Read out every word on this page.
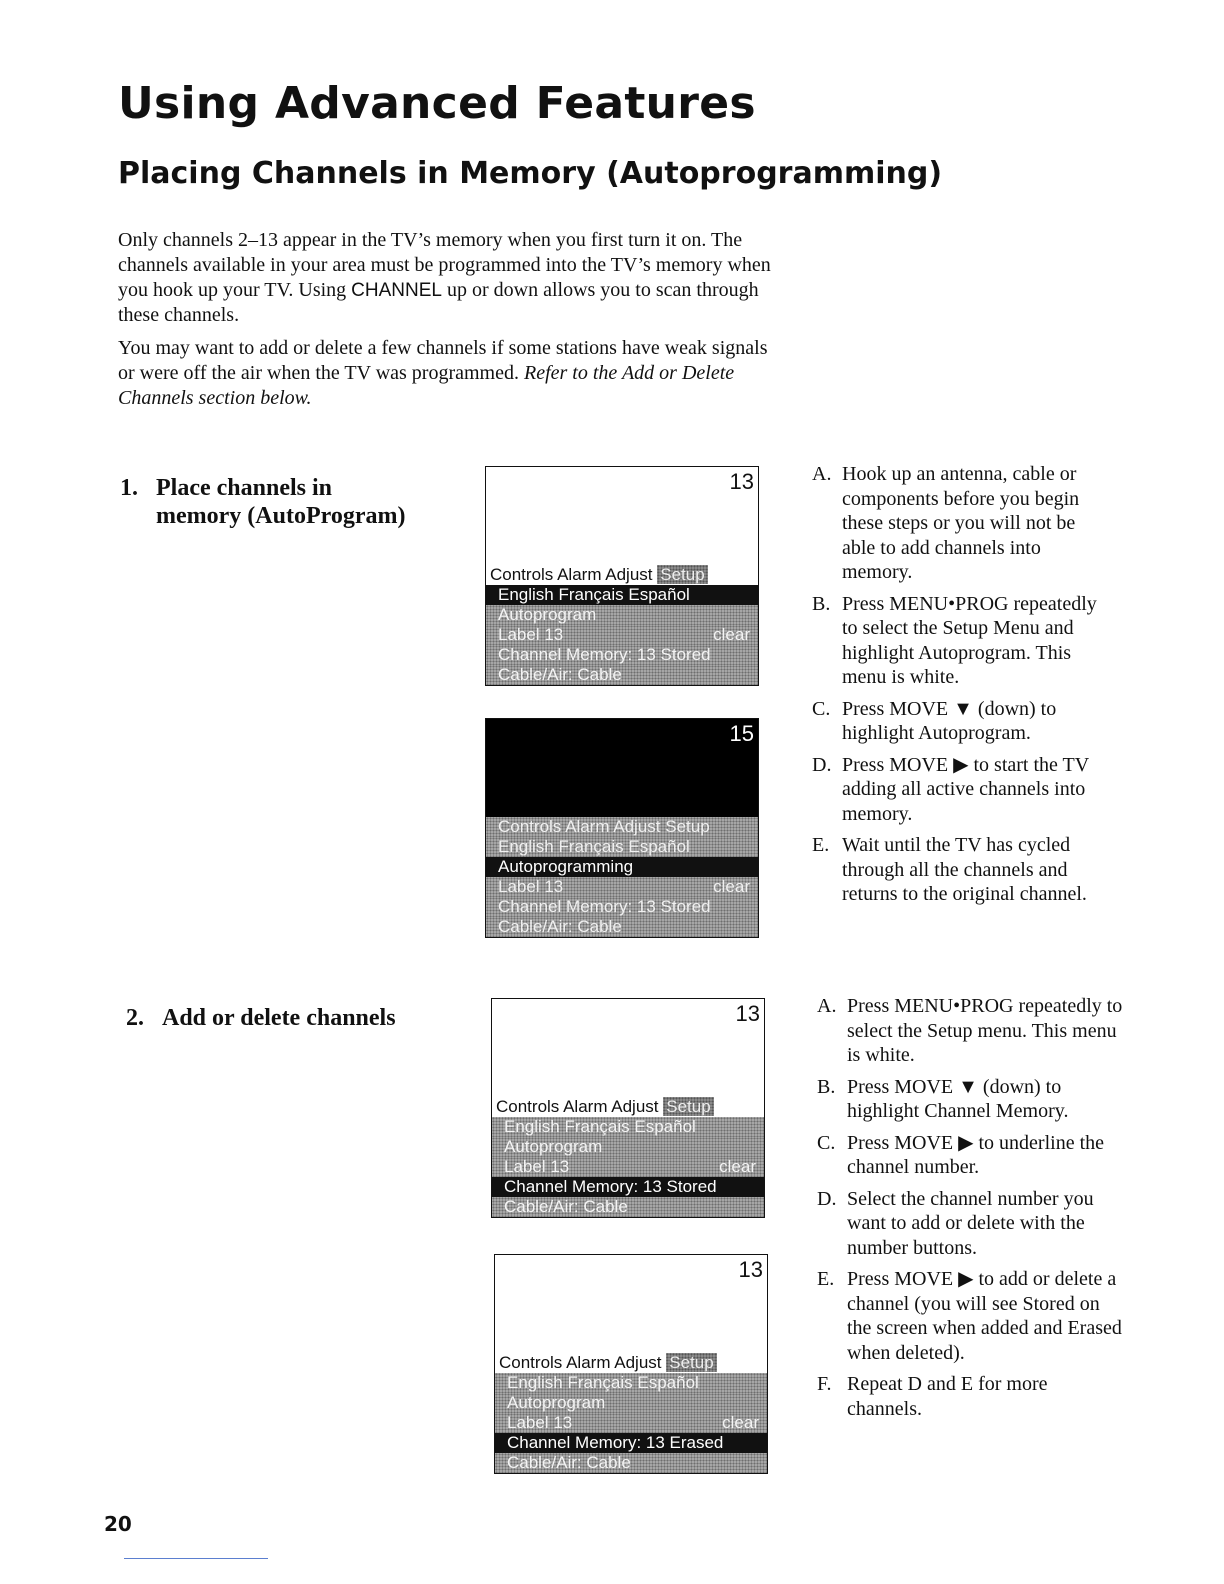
Using Advanced Features
Placing Channels in Memory (Autoprogramming)

Only channels 2–13 appear in the TV’s memory when you first turn it on. The channels available in your area must be programmed into the TV’s memory when you hook up your TV. Using CHANNEL up or down allows you to scan through these channels.

You may want to add or delete a few channels if some stations have weak signals or were off the air when the TV was programmed. Refer to the Add or Delete Channels section below.

1. Place channels in
memory (AutoProgram)
13
Controls Alarm Adjust Setup
English Français Español
Autoprogram
Label 13	clear
Channel Memory: 13 Stored
Cable/Air: Cable
15
Controls Alarm Adjust Setup
English Français Español
Autoprogramming
Label 13	clear
Channel Memory: 13 Stored
Cable/Air: Cable
A. Hook up an antenna, cable or components before you begin these steps or you will not be able to add channels into memory.
B. Press MENU•PROG repeatedly to select the Setup Menu and highlight Autoprogram. This menu is white.
C. Press MOVE ▼ (down) to highlight Autoprogram.
D. Press MOVE ▶ to start the TV adding all active channels into memory.
E. Wait until the TV has cycled through all the channels and returns to the original channel.
2. Add or delete channels	13
Controls Alarm Adjust Setup
English Français Español
Autoprogram
Label 13	clear
Channel Memory: 13 Stored
Cable/Air: Cable
13
Controls Alarm Adjust Setup
English Français Español
Autoprogram
Label 13	clear
Channel Memory: 13 Erased
Cable/Air: Cable
A. Press MENU•PROG repeatedly to select the Setup menu. This menu is white.
B. Press MOVE ▼ (down) to highlight Channel Memory.
C. Press MOVE ▶ to underline the channel number.
D. Select the channel number you want to add or delete with the number buttons.
E. Press MOVE ▶ to add or delete a channel (you will see Stored on the screen when added and Erased when deleted).
F. Repeat D and E for more channels.
20
